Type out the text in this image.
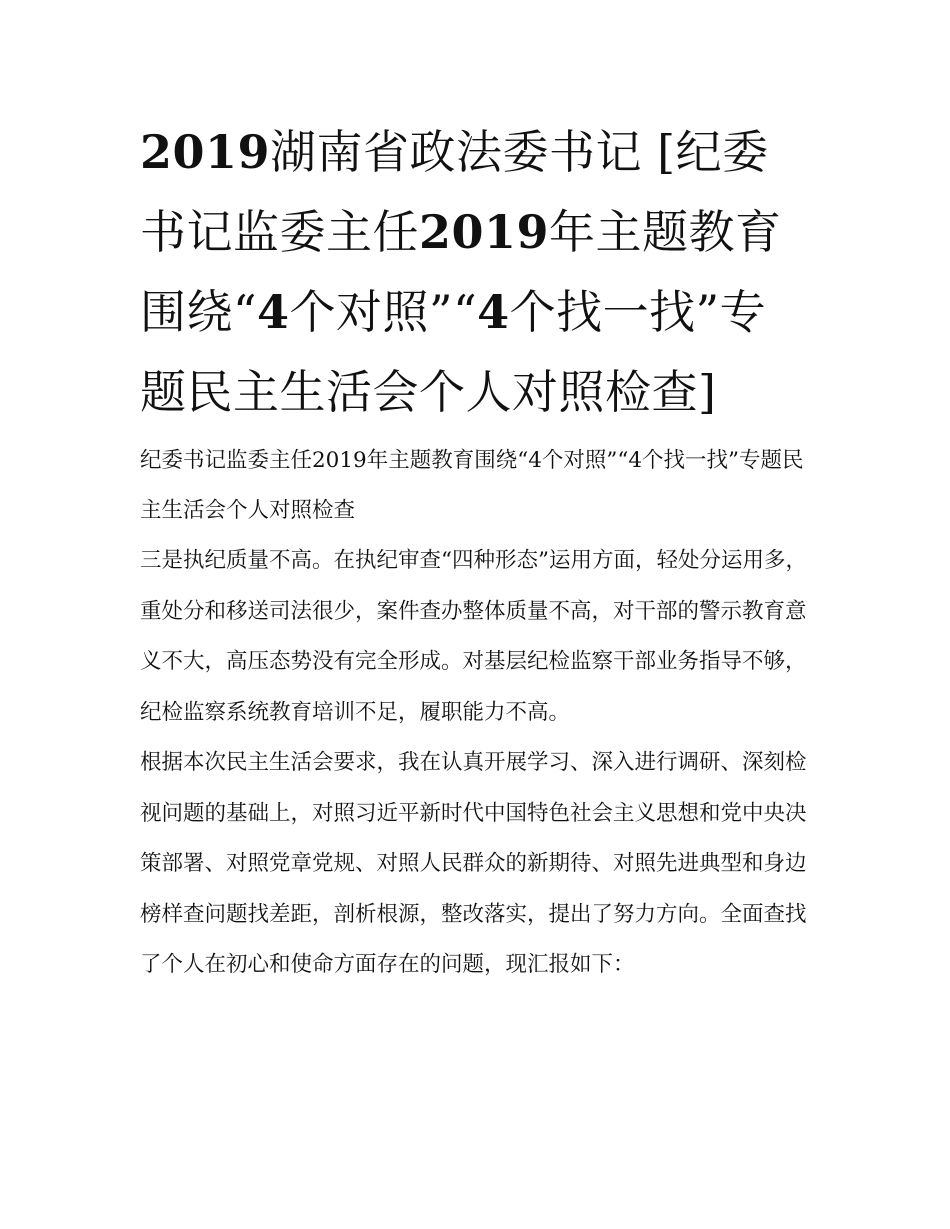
2019湖南省政法委书记 [纪委书记监委主任2019年主题教育围绕“4个对照”“4个找一找”专题民主生活会个人对照检查]

纪委书记监委主任2019年主题教育围绕“4个对照”“4个找一找”专题民主生活会个人对照检查

三是执纪质量不高。在执纪审查“四种形态”运用方面，轻处分运用多，重处分和移送司法很少，案件查办整体质量不高，对干部的警示教育意义不大，高压态势没有完全形成。对基层纪检监察干部业务指导不够，纪检监察系统教育培训不足，履职能力不高。

根据本次民主生活会要求，我在认真开展学习、深入进行调研、深刻检视问题的基础上，对照习近平新时代中国特色社会主义思想和党中央决策部署、对照党章党规、对照人民群众的新期待、对照先进典型和身边榜样查问题找差距，剖析根源，整改落实，提出了努力方向。全面查找了个人在初心和使命方面存在的问题，现汇报如下：
